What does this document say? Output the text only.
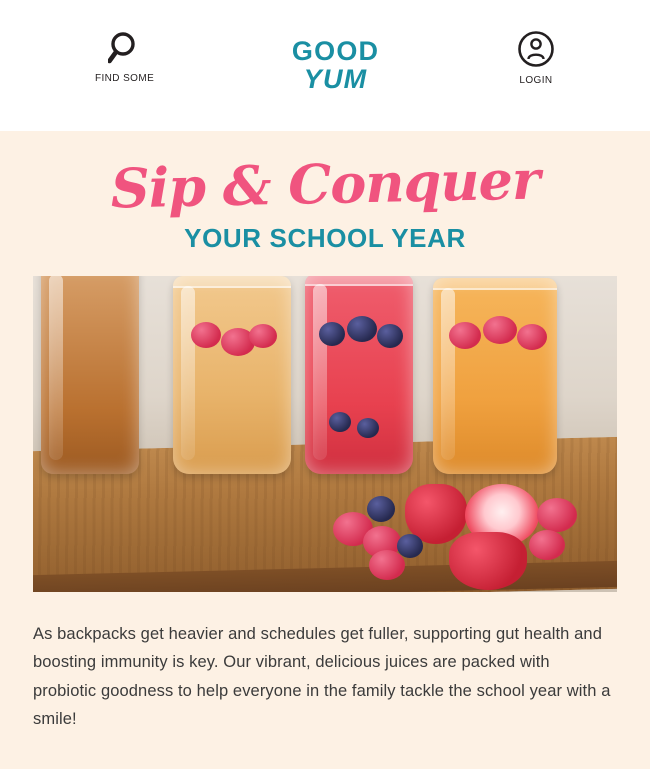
FIND SOME
GOOD
YUM	LOGIN
Sip & Conquer
YOUR SCHOOL YEAR

As backpacks get heavier and schedules get fuller, supporting gut health and boosting immunity is key. Our vibrant, delicious juices are packed with probiotic goodness to help everyone in the family tackle the school year with a smile!
